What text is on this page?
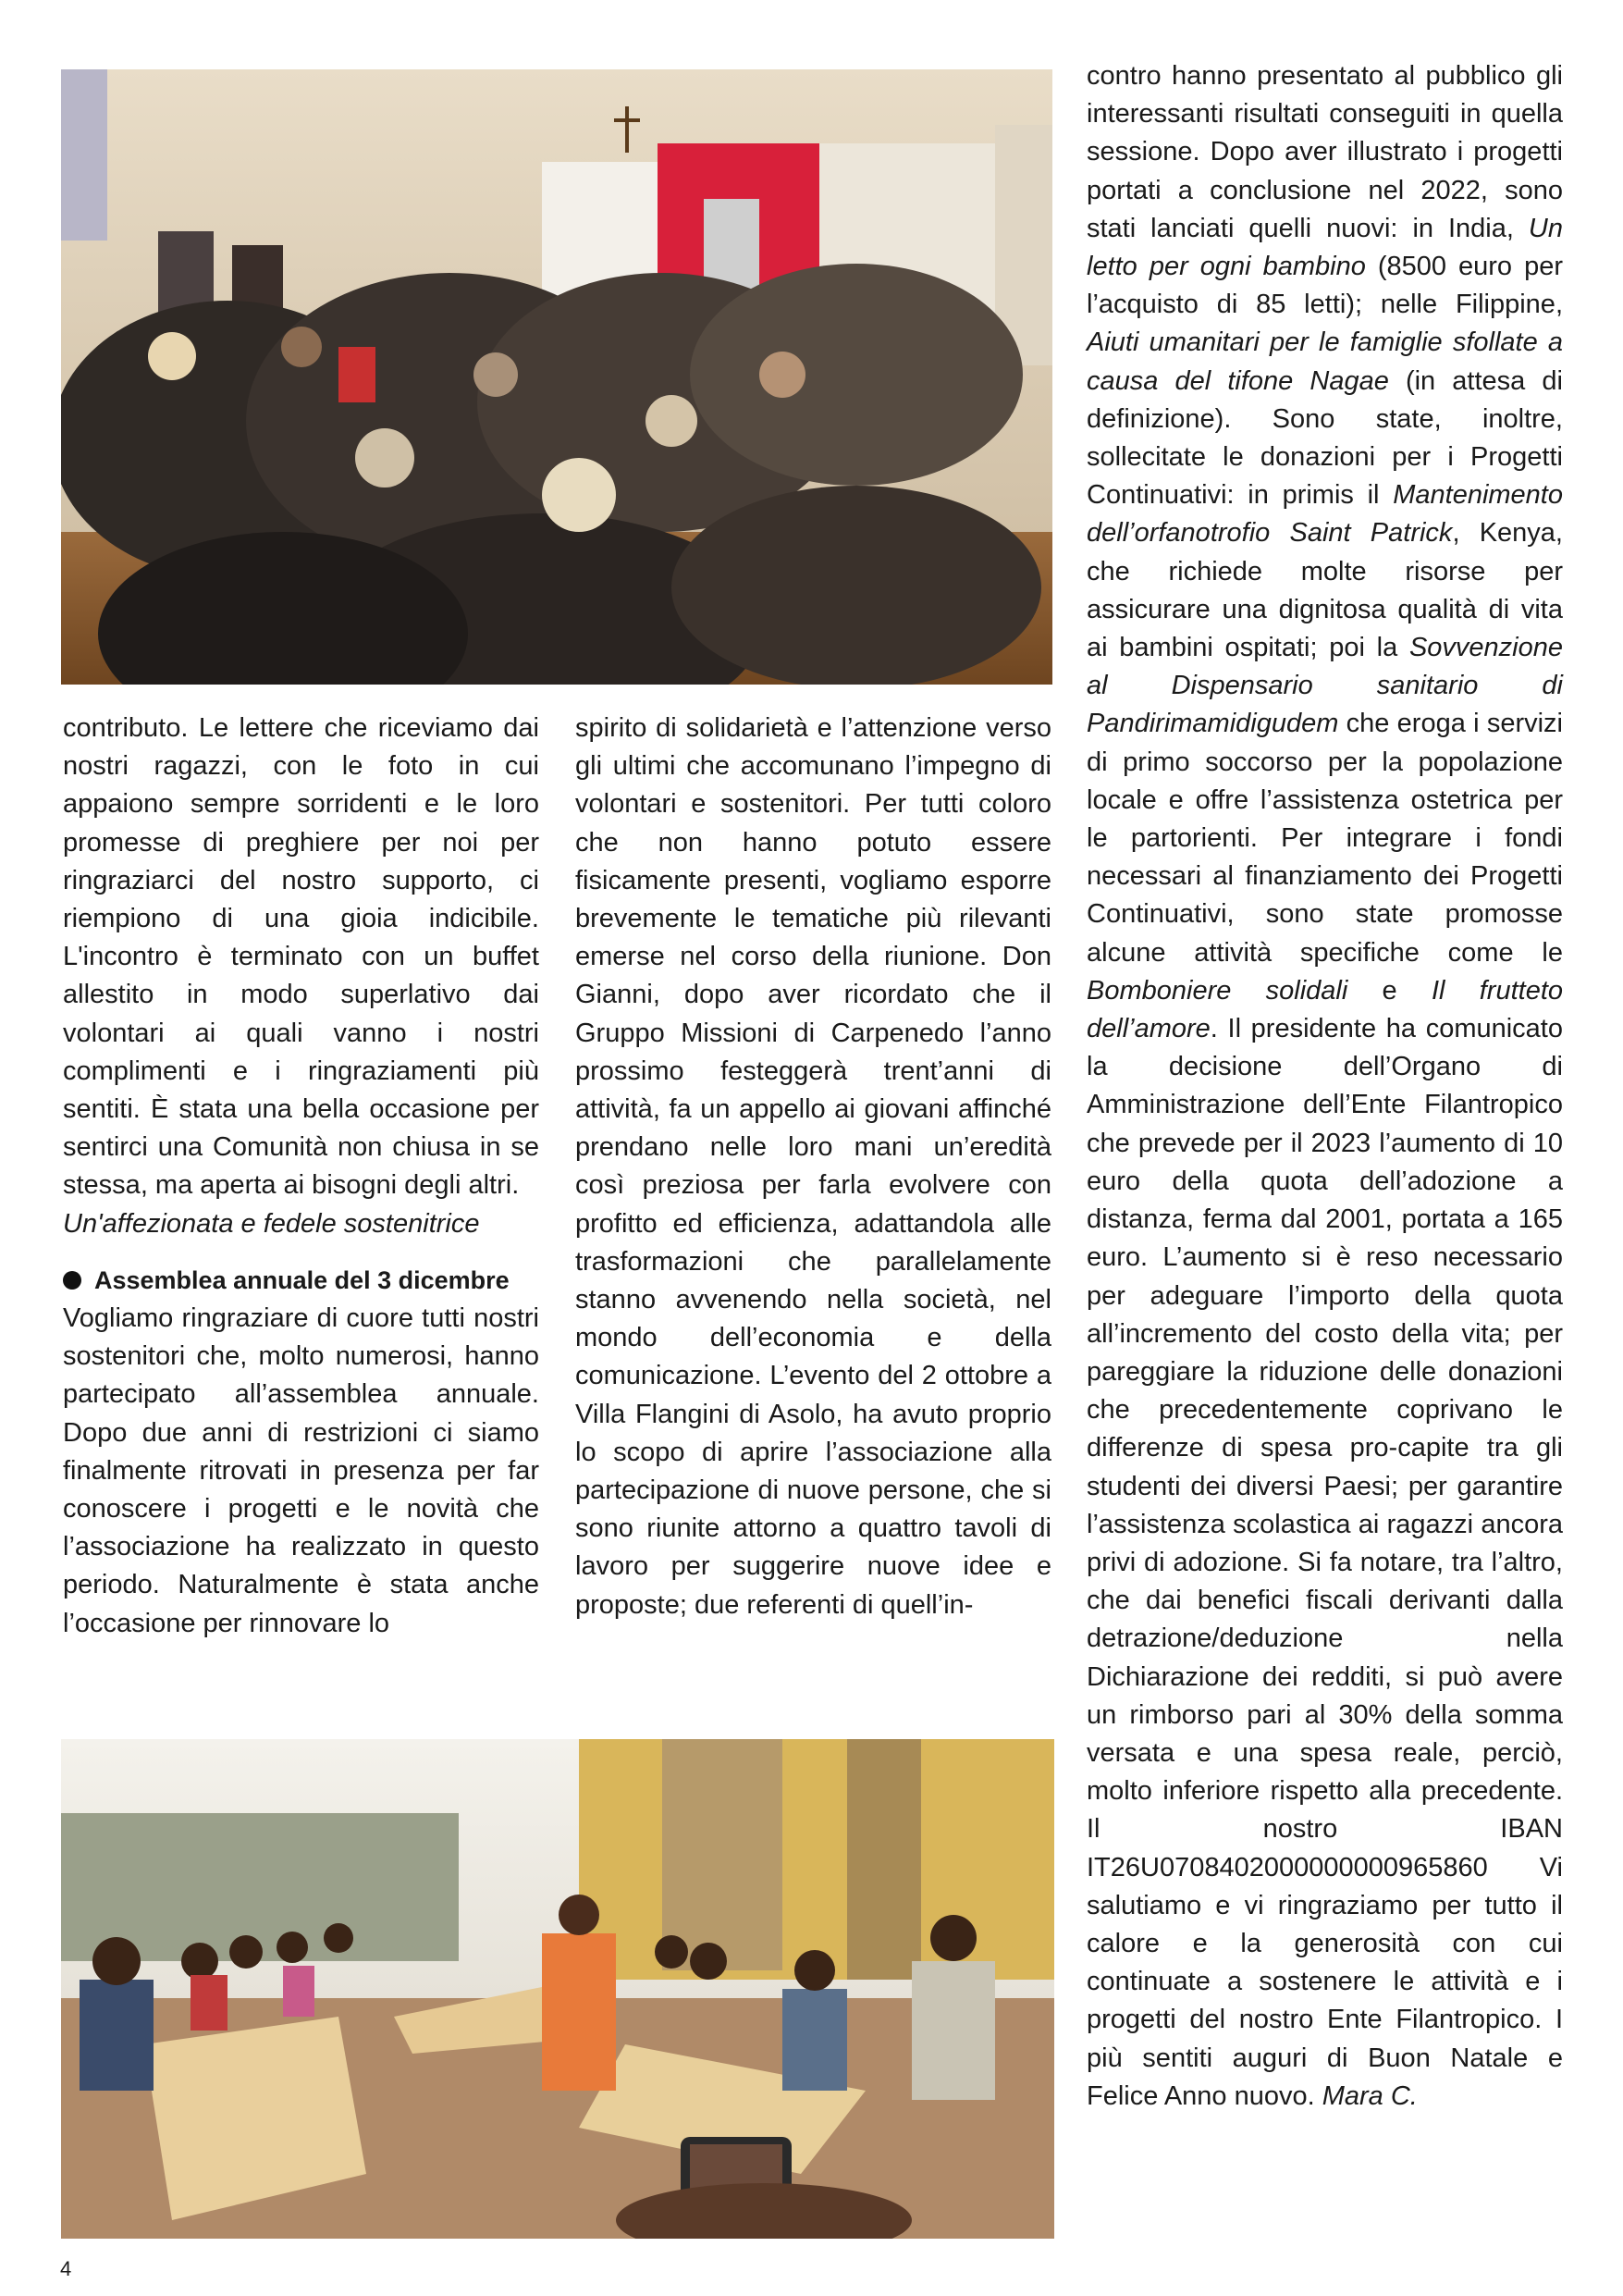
contributo. Le lettere che riceviamo dai nostri ragazzi, con le foto in cui appaiono sempre sorridenti e le loro promesse di preghiere per noi per ringraziarci del nostro supporto, ci riempiono di una gioia indicibile. L'incontro è terminato con un buffet allestito in modo superlativo dai volontari ai quali vanno i nostri complimenti e i ringraziamenti più sentiti. È stata una bella occasione per sentirci una Comunità non chiusa in se stessa, ma aperta ai bisogni degli altri.

Un'affezionata e fedele sostenitrice

Assemblea annuale del 3 dicembre

Vogliamo ringraziare di cuore tutti nostri sostenitori che, molto numerosi, hanno partecipato all’assemblea annuale. Dopo due anni di restrizioni ci siamo finalmente ritrovati in presenza per far conoscere i progetti e le novità che l’associazione ha realizzato in questo periodo. Naturalmente è stata anche l’occasione per rinnovare lo

spirito di solidarietà e l’attenzione verso gli ultimi che accomunano l’impegno di volontari e sostenitori. Per tutti coloro che non hanno potuto essere fisicamente presenti, vogliamo esporre brevemente le tematiche più rilevanti emerse nel corso della riunione. Don Gianni, dopo aver ricordato che il Gruppo Missioni di Carpenedo l’anno prossimo festeggerà trent’anni di attività, fa un appello ai giovani affinché prendano nelle loro mani un’eredità così preziosa per farla evolvere con profitto ed efficienza, adattandola alle trasformazioni che parallelamente stanno avvenendo nella società, nel mondo dell’economia e della comunicazione. L’evento del 2 ottobre a Villa Flangini di Asolo, ha avuto proprio lo scopo di aprire l’associazione alla partecipazione di nuove persone, che si sono riunite attorno a quattro tavoli di lavoro per suggerire nuove idee e proposte; due referenti di quell’in-

contro hanno presentato al pubblico gli interessanti risultati conseguiti in quella sessione. Dopo aver illustrato i progetti portati a conclusione nel 2022, sono stati lanciati quelli nuovi: in India, Un letto per ogni bambino (8500 euro per l’acquisto di 85 letti); nelle Filippine, Aiuti umanitari per le famiglie sfollate a causa del tifone Nagae (in attesa di definizione). Sono state, inoltre, sollecitate le donazioni per i Progetti Continuativi: in primis il Mantenimento dell’orfanotrofio Saint Patrick, Kenya, che richiede molte risorse per assicurare una dignitosa qualità di vita ai bambini ospitati; poi la Sovvenzione al Dispensario sanitario di Pandirimamidigudem che eroga i servizi di primo soccorso per la popolazione locale e offre l’assistenza ostetrica per le partorienti. Per integrare i fondi necessari al finanziamento dei Progetti Continuativi, sono state promosse alcune attività specifiche come le Bomboniere solidali e Il frutteto dell’amore. Il presidente ha comunicato la decisione dell’Organo di Amministrazione dell’Ente Filantropico che prevede per il 2023 l’aumento di 10 euro della quota dell’adozione a distanza, ferma dal 2001, portata a 165 euro. L’aumento si è reso necessario per adeguare l’importo della quota all’incremento del costo della vita; per pareggiare la riduzione delle donazioni che precedentemente coprivano le differenze di spesa pro-capite tra gli studenti dei diversi Paesi; per garantire l’assistenza scolastica ai ragazzi ancora privi di adozione. Si fa notare, tra l’altro, che dai benefici fiscali derivanti dalla detrazione/deduzione nella Dichiarazione dei redditi, si può avere un rimborso pari al 30% della somma versata e una spesa reale, perciò, molto inferiore rispetto alla precedente. Il nostro IBAN IT26U0708402000000000965860 Vi salutiamo e vi ringraziamo per tutto il calore e la generosità con cui continuate a sostenere le attività e i progetti del nostro Ente Filantropico. I più sentiti auguri di Buon Natale e Felice Anno nuovo. Mara C.

4
